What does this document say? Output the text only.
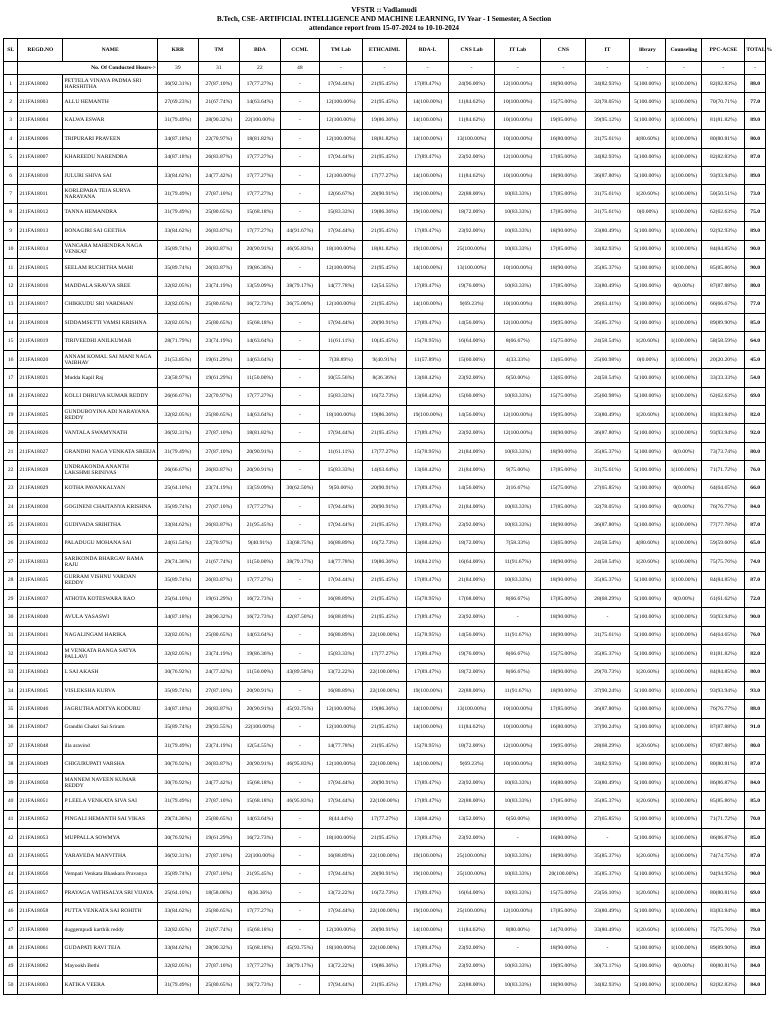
VFSTR :: Vadlamudi
B.Tech, CSE- ARTIFICIAL INTELLIGENCE AND MACHINE LEARNING, IV Year - I Semester, A Section
attendance report from 15-07-2024 to 10-10-2024
SL	REGD.NO	NAME	KRR	TM	BDA	CCML	TM Lab	ETHCAIML	BDA-L	CNS Lab	IT Lab	CNS	IT	library	Counseling	PPC-ACSE	TOTAL %
	No. Of Conducted Hours->		39	31	22	48	-	-	-	-	-	-	-	-	-	-	-
1	211FA18002	PETTELA VINAYA PADMA SRI HARSHITHA	36(92.31%)	27(87.10%)	17(77.27%)	-	17(94.44%)	21(95.45%)	17(89.47%)	24(96.00%)	12(100.00%)	18(90.00%)	34(82.93%)	5(100.00%)	1(100.00%)	82(82.83%)	88.0
2	211FA18003	ALLU HEMANTH	27(69.23%)	21(67.74%)	14(63.64%)	-	12(100.00%)	21(95.45%)	14(100.00%)	11(84.62%)	10(100.00%)	15(75.00%)	32(78.05%)	5(100.00%)	1(100.00%)	70(70.71%)	77.0
3	211FA18004	KALWA ESWAR	31(79.49%)	28(90.32%)	22(100.00%)	-	12(100.00%)	19(86.36%)	14(100.00%)	11(84.62%)	10(100.00%)	19(95.00%)	39(95.12%)	5(100.00%)	1(100.00%)	81(81.82%)	89.0
4	211FA18006	TRIPURARI PRAVEEN	34(87.18%)	22(70.97%)	18(81.82%)	-	12(100.00%)	18(81.82%)	14(100.00%)	13(100.00%)	10(100.00%)	16(80.00%)	31(75.61%)	4(80.60%)	1(100.00%)	80(80.81%)	80.0
5	211FA18007	KHAREEDU NARENDRA	34(87.18%)	26(83.87%)	17(77.27%)	-	17(94.44%)	21(95.45%)	17(89.47%)	23(92.00%)	12(100.00%)	17(85.00%)	34(82.93%)	5(100.00%)	1(100.00%)	82(82.83%)	87.0
6	211FA18010	JULURI SHIVA SAI	33(84.62%)	24(77.42%)	17(77.27%)	-	12(100.00%)	17(77.27%)	14(100.00%)	11(84.62%)	10(100.00%)	18(90.00%)	36(87.80%)	5(100.00%)	1(100.00%)	93(93.94%)	89.0
7	211FA18011	KORLEPARA TEJA SURYA NARAYANA	31(79.49%)	27(87.10%)	17(77.27%)	-	12(66.67%)	20(90.91%)	19(100.00%)	22(88.00%)	10(83.33%)	17(85.00%)	31(75.61%)	1(20.60%)	1(100.00%)	50(50.51%)	73.0
8	211FA18012	TANNA HEMANDRA	31(79.49%)	25(80.65%)	15(68.18%)	-	15(83.33%)	19(86.36%)	19(100.00%)	18(72.00%)	10(83.33%)	17(85.00%)	31(75.61%)	0(0.00%)	1(100.00%)	62(62.63%)	75.0
9	211FA18013	BONAGIRI SAI GEETHA	33(84.62%)	26(83.87%)	17(77.27%)	44(91.67%)	17(94.44%)	21(95.45%)	17(89.47%)	23(92.00%)	10(83.33%)	18(90.00%)	33(80.49%)	5(100.00%)	1(100.00%)	92(92.93%)	89.0
10	211FA18014	VANGARA MAHENDRA NAGA VENKAT	35(89.74%)	26(83.87%)	20(90.91%)	46(95.83%)	18(100.00%)	18(81.82%)	19(100.00%)	25(100.00%)	10(83.33%)	17(85.00%)	34(82.93%)	5(100.00%)	1(100.00%)	84(84.85%)	90.0
11	211FA18015	SEELAM RUCHITHA MAHI	35(89.74%)	26(83.87%)	19(86.36%)	-	12(100.00%)	21(95.45%)	14(100.00%)	13(100.00%)	10(100.00%)	18(90.00%)	35(85.37%)	5(100.00%)	1(100.00%)	85(85.86%)	90.0
12	211FA18016	MADDALA SRAVYA SREE	32(82.05%)	23(74.19%)	13(59.09%)	38(79.17%)	14(77.78%)	12(54.55%)	17(89.47%)	19(76.00%)	10(83.33%)	17(85.00%)	33(80.49%)	5(100.00%)	0(0.00%)	87(87.88%)	80.0
13	211FA18017	CHIKKUDU SRI VARDHAN	32(82.05%)	25(80.65%)	16(72.73%)	36(75.00%)	12(100.00%)	21(95.45%)	14(100.00%)	9(69.23%)	10(100.00%)	16(80.00%)	26(63.41%)	5(100.00%)	1(100.00%)	66(66.67%)	77.0
14	211FA18018	SIDDAMSETTI VAMSI KRISHNA	32(82.05%)	25(80.65%)	15(68.18%)	-	17(94.44%)	20(90.91%)	17(89.47%)	14(56.00%)	12(100.00%)	19(95.00%)	35(85.37%)	5(100.00%)	1(100.00%)	89(89.90%)	85.0
15	211FA18019	TIRIVEEDHI ANILKUMAR	28(71.79%)	23(74.19%)	14(63.64%)	-	11(61.11%)	10(45.45%)	15(78.95%)	16(64.00%)	8(66.67%)	15(75.00%)	24(58.54%)	1(20.60%)	1(100.00%)	58(58.59%)	64.0
16	211FA18020	ANNAM KOMAL SAI MANI NAGA VAIBHAV	21(53.85%)	19(61.29%)	14(63.64%)	-	7(38.89%)	9(40.91%)	11(57.89%)	15(60.00%)	4(33.33%)	13(65.00%)	25(60.98%)	0(0.00%)	1(100.00%)	20(20.20%)	45.0
17	211FA18021	Mudda Kapil Raj	23(58.97%)	19(61.29%)	11(50.00%)	-	10(55.56%)	8(36.36%)	13(68.42%)	23(92.00%)	6(50.00%)	13(65.00%)	24(58.54%)	5(100.00%)	1(100.00%)	33(33.33%)	54.0
18	211FA18022	KOLLI DHRUVA KUMAR REDDY	26(66.67%)	22(70.97%)	17(77.27%)	-	15(83.33%)	16(72.73%)	13(68.42%)	15(60.00%)	10(83.33%)	15(75.00%)	25(60.98%)	5(100.00%)	1(100.00%)	62(62.63%)	69.0
19	211FA18025	GUNDUBOYINA ADI NARAYANA REDDY	32(82.05%)	25(80.65%)	14(63.64%)	-	18(100.00%)	19(86.36%)	19(100.00%)	14(56.00%)	12(100.00%)	19(95.00%)	33(80.49%)	1(20.60%)	1(100.00%)	83(83.84%)	82.0
20	211FA18026	VANTALA SWAMYNATH	36(92.31%)	27(87.10%)	18(81.82%)	-	17(94.44%)	21(95.45%)	17(89.47%)	23(92.00%)	12(100.00%)	18(90.00%)	36(87.80%)	5(100.00%)	1(100.00%)	93(93.94%)	92.0
21	211FA18027	GRANDHI NAGA VENKATA SREEJA	31(79.49%)	27(87.10%)	20(90.91%)	-	11(61.11%)	17(77.27%)	15(78.95%)	21(84.00%)	10(83.33%)	18(90.00%)	35(85.37%)	5(100.00%)	0(0.00%)	73(73.74%)	80.0
22	211FA18028	UNDRAKONDA ANANTH LAKSHMI SRINIVAS	26(66.67%)	26(83.87%)	20(90.91%)	-	15(83.33%)	14(63.64%)	13(68.42%)	21(84.00%)	9(75.00%)	17(85.00%)	31(75.61%)	5(100.00%)	1(100.00%)	71(71.72%)	76.0
23	211FA18029	KOTHA PAVANKALYAN	25(64.10%)	23(74.19%)	13(59.09%)	30(62.50%)	9(50.00%)	20(90.91%)	17(89.47%)	14(56.00%)	2(16.67%)	15(75.00%)	27(65.85%)	5(100.00%)	0(0.00%)	64(64.65%)	66.0
24	211FA18030	GOGINENI CHAITANYA KRISHNA	35(89.74%)	27(87.10%)	17(77.27%)	-	17(94.44%)	20(90.91%)	17(89.47%)	21(84.00%)	10(83.33%)	17(85.00%)	32(78.05%)	5(100.00%)	0(0.00%)	76(76.77%)	84.0
25	211FA18031	GUDIVADA SRIHITHA	33(84.62%)	26(83.87%)	21(95.45%)	-	17(94.44%)	21(95.45%)	17(89.47%)	23(92.00%)	10(83.33%)	18(90.00%)	36(87.80%)	5(100.00%)	1(100.00%)	77(77.78%)	87.0
26	211FA18032	PALADUGU MOHANA SAI	24(61.54%)	22(70.97%)	9(40.91%)	33(68.75%)	16(88.89%)	16(72.73%)	13(68.42%)	18(72.00%)	7(58.33%)	13(65.00%)	24(58.54%)	4(80.60%)	1(100.00%)	59(59.60%)	65.0
27	211FA18033	SARIKONDA BHARGAV RAMA RAJU	29(74.36%)	21(67.74%)	11(50.00%)	38(79.17%)	14(77.78%)	19(86.36%)	16(84.21%)	16(64.00%)	11(91.67%)	18(90.00%)	24(58.54%)	1(20.60%)	1(100.00%)	75(75.76%)	74.0
28	211FA18035	GURRAM VISHNU VARDAN REDDY	35(89.74%)	26(83.87%)	17(77.27%)	-	17(94.44%)	21(95.45%)	17(89.47%)	21(84.00%)	10(83.33%)	18(90.00%)	35(85.37%)	5(100.00%)	1(100.00%)	84(84.85%)	87.0
29	211FA18037	ATHOTA KOTESWARA RAO	25(64.10%)	19(61.29%)	16(72.73%)	-	16(88.89%)	21(95.45%)	15(78.95%)	17(68.00%)	8(66.67%)	17(85.00%)	28(68.29%)	5(100.00%)	0(0.00%)	61(61.62%)	72.0
30	211FA18040	AVULA YASASWI	34(87.18%)	28(90.32%)	16(72.73%)	42(87.50%)	16(88.89%)	21(95.45%)	17(89.47%)	23(92.00%)	-	18(90.00%)	-	5(100.00%)	1(100.00%)	93(93.94%)	90.0
31	211FA18041	NAGALINGAM HARIKA	32(82.05%)	25(80.65%)	14(63.64%)	-	16(88.89%)	22(100.00%)	15(78.95%)	14(56.00%)	11(91.67%)	18(90.00%)	31(75.61%)	5(100.00%)	1(100.00%)	64(64.65%)	76.0
32	211FA18042	M VENKATA RANGA SATYA PALLAVI	32(82.05%)	23(74.19%)	19(86.36%)	-	15(83.33%)	17(77.27%)	17(89.47%)	19(76.00%)	8(66.67%)	15(75.00%)	35(85.37%)	5(100.00%)	1(100.00%)	81(81.82%)	82.0
33	211FA18043	L SAI AKASH	30(76.92%)	24(77.42%)	11(50.00%)	43(89.58%)	13(72.22%)	22(100.00%)	17(89.47%)	18(72.00%)	8(66.67%)	18(90.00%)	29(70.73%)	1(20.60%)	1(100.00%)	84(84.85%)	80.0
34	211FA18045	VISLEKSHA KURVA	35(89.74%)	27(87.10%)	20(90.91%)	-	16(88.89%)	22(100.00%)	19(100.00%)	22(88.00%)	11(91.67%)	18(90.00%)	37(90.24%)	5(100.00%)	1(100.00%)	93(93.94%)	93.0
35	211FA18046	JAGRUTHA ADITYA KODURU	34(87.18%)	26(83.87%)	20(90.91%)	45(93.75%)	12(100.00%)	19(86.36%)	14(100.00%)	13(100.00%)	10(100.00%)	17(85.00%)	36(87.80%)	5(100.00%)	1(100.00%)	76(76.77%)	88.0
36	211FA18047	Grandhi Chakri Sai Sriram	35(89.74%)	29(93.55%)	22(100.00%)	-	12(100.00%)	21(95.45%)	14(100.00%)	11(84.62%)	10(100.00%)	16(80.00%)	37(90.24%)	5(100.00%)	1(100.00%)	87(87.88%)	91.0
37	211FA18048	illa aravind	31(79.49%)	23(74.19%)	12(54.55%)	-	14(77.78%)	21(95.45%)	15(78.95%)	18(72.00%)	12(100.00%)	19(95.00%)	28(68.29%)	1(20.60%)	1(100.00%)	87(87.88%)	80.0
38	211FA18049	CHIGURUPATI VARSHA	30(76.92%)	26(83.87%)	20(90.91%)	46(95.83%)	12(100.00%)	22(100.00%)	14(100.00%)	9(69.23%)	10(100.00%)	18(90.00%)	34(82.93%)	5(100.00%)	1(100.00%)	80(80.81%)	87.0
39	211FA18050	MANNEM NAVEEN KUMAR REDDY	30(76.92%)	24(77.42%)	15(68.18%)	-	17(94.44%)	20(90.91%)	17(89.47%)	23(92.00%)	10(83.33%)	16(80.00%)	33(80.49%)	5(100.00%)	1(100.00%)	86(86.87%)	84.0
40	211FA18051	P LEELA VENKATA SIVA SAI	31(79.49%)	27(87.10%)	15(68.18%)	46(95.83%)	17(94.44%)	22(100.00%)	17(89.47%)	22(88.00%)	10(83.33%)	17(85.00%)	35(85.37%)	1(20.60%)	1(100.00%)	85(85.86%)	85.0
41	211FA18052	PINGALI HEMANTH SAI VIKAS	29(74.36%)	25(80.65%)	14(63.64%)	-	8(44.44%)	17(77.27%)	13(68.42%)	13(52.00%)	6(50.00%)	18(90.00%)	27(65.85%)	5(100.00%)	1(100.00%)	71(71.72%)	70.0
42	211FA18053	MUPPALLA SOWMYA	30(76.92%)	19(61.29%)	16(72.73%)	-	18(100.00%)	21(95.45%)	17(89.47%)	23(92.00%)	-	16(80.00%)	-	5(100.00%)	1(100.00%)	86(86.87%)	85.0
43	211FA18055	YARAVEDA MANVITHA	36(92.31%)	27(87.10%)	22(100.00%)	-	16(88.89%)	22(100.00%)	19(100.00%)	25(100.00%)	10(83.33%)	18(90.00%)	35(85.37%)	1(20.60%)	1(100.00%)	74(74.75%)	87.0
44	211FA18056	Vempati Venkata Bhaskara Pravanya	35(89.74%)	27(87.10%)	21(95.45%)	-	17(94.44%)	20(90.91%)	19(100.00%)	25(100.00%)	10(83.33%)	20(100.00%)	35(85.37%)	5(100.00%)	1(100.00%)	94(94.95%)	90.0
45	211FA18057	PRAYAGA VATHSALYA SRI VIJAYA	25(64.10%)	18(58.06%)	8(36.36%)	-	13(72.22%)	16(72.73%)	17(89.47%)	16(64.00%)	10(83.33%)	15(75.00%)	23(56.10%)	1(20.60%)	1(100.00%)	80(80.81%)	69.0
46	211FA18058	PUTTA VENKATA SAI ROHITH	33(84.62%)	25(80.65%)	17(77.27%)	-	17(94.44%)	22(100.00%)	19(100.00%)	25(100.00%)	12(100.00%)	17(85.00%)	33(80.49%)	5(100.00%)	1(100.00%)	83(83.84%)	88.0
47	211FA18060	duggempudi karthik reddy	32(82.05%)	21(67.74%)	15(68.18%)	-	12(100.00%)	20(90.91%)	14(100.00%)	11(84.62%)	8(80.00%)	14(70.00%)	33(80.49%)	1(20.60%)	1(100.00%)	75(75.76%)	79.0
48	211FA18061	GUDAPATI RAVI TEJA	33(84.62%)	28(90.32%)	15(68.18%)	45(93.75%)	18(100.00%)	22(100.00%)	17(89.47%)	23(92.00%)	-	18(90.00%)	-	5(100.00%)	1(100.00%)	89(89.90%)	89.0
49	211FA18062	Mayookh Bethi	32(82.05%)	27(87.10%)	17(77.27%)	38(79.17%)	13(72.22%)	19(86.36%)	17(89.47%)	23(92.00%)	10(83.33%)	19(95.00%)	30(73.17%)	5(100.00%)	0(0.00%)	80(80.81%)	84.0
50	211FA18063	KATIKA VEERA	31(79.49%)	25(80.65%)	16(72.73%)	-	17(94.44%)	21(95.45%)	17(89.47%)	22(88.00%)	10(83.33%)	18(90.00%)	34(82.93%)	5(100.00%)	1(100.00%)	82(82.83%)	84.0
